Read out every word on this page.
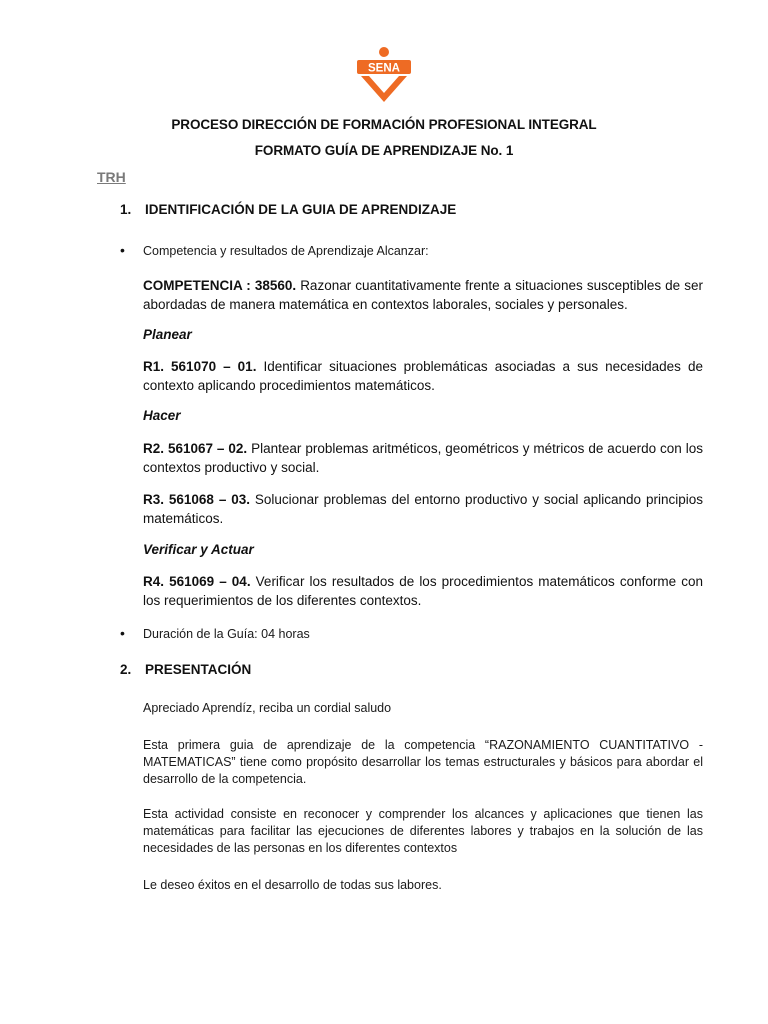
SENA
PROCESO DIRECCIÓN DE FORMACIÓN PROFESIONAL INTEGRAL
FORMATO GUÍA DE APRENDIZAJE No. 1
TRH
1. IDENTIFICACIÓN DE LA GUIA DE APRENDIZAJE
• Competencia y resultados de Aprendizaje Alcanzar:
COMPETENCIA : 38560. Razonar cuantitativamente frente a situaciones susceptibles de ser abordadas de manera matemática en contextos laborales, sociales y personales.
Planear
R1. 561070 – 01. Identificar situaciones problemáticas asociadas a sus necesidades de contexto aplicando procedimientos matemáticos.
Hacer
R2. 561067 – 02. Plantear problemas aritméticos, geométricos y métricos de acuerdo con los contextos productivo y social.
R3. 561068 – 03. Solucionar problemas del entorno productivo y social aplicando principios matemáticos.
Verificar y Actuar
R4. 561069 – 04. Verificar los resultados de los procedimientos matemáticos conforme con los requerimientos de los diferentes contextos.
• Duración de la Guía: 04 horas
2. PRESENTACIÓN
Apreciado Aprendíz, reciba un cordial saludo
Esta primera guia de aprendizaje de la competencia “RAZONAMIENTO CUANTITATIVO - MATEMATICAS” tiene como propósito desarrollar los temas estructurales y básicos para abordar el desarrollo de la competencia.
Esta actividad consiste en reconocer y comprender los alcances y aplicaciones que tienen las matemáticas para facilitar las ejecuciones de diferentes labores y trabajos en la solución de las necesidades de las personas en los diferentes contextos
Le deseo éxitos en el desarrollo de todas sus labores.
